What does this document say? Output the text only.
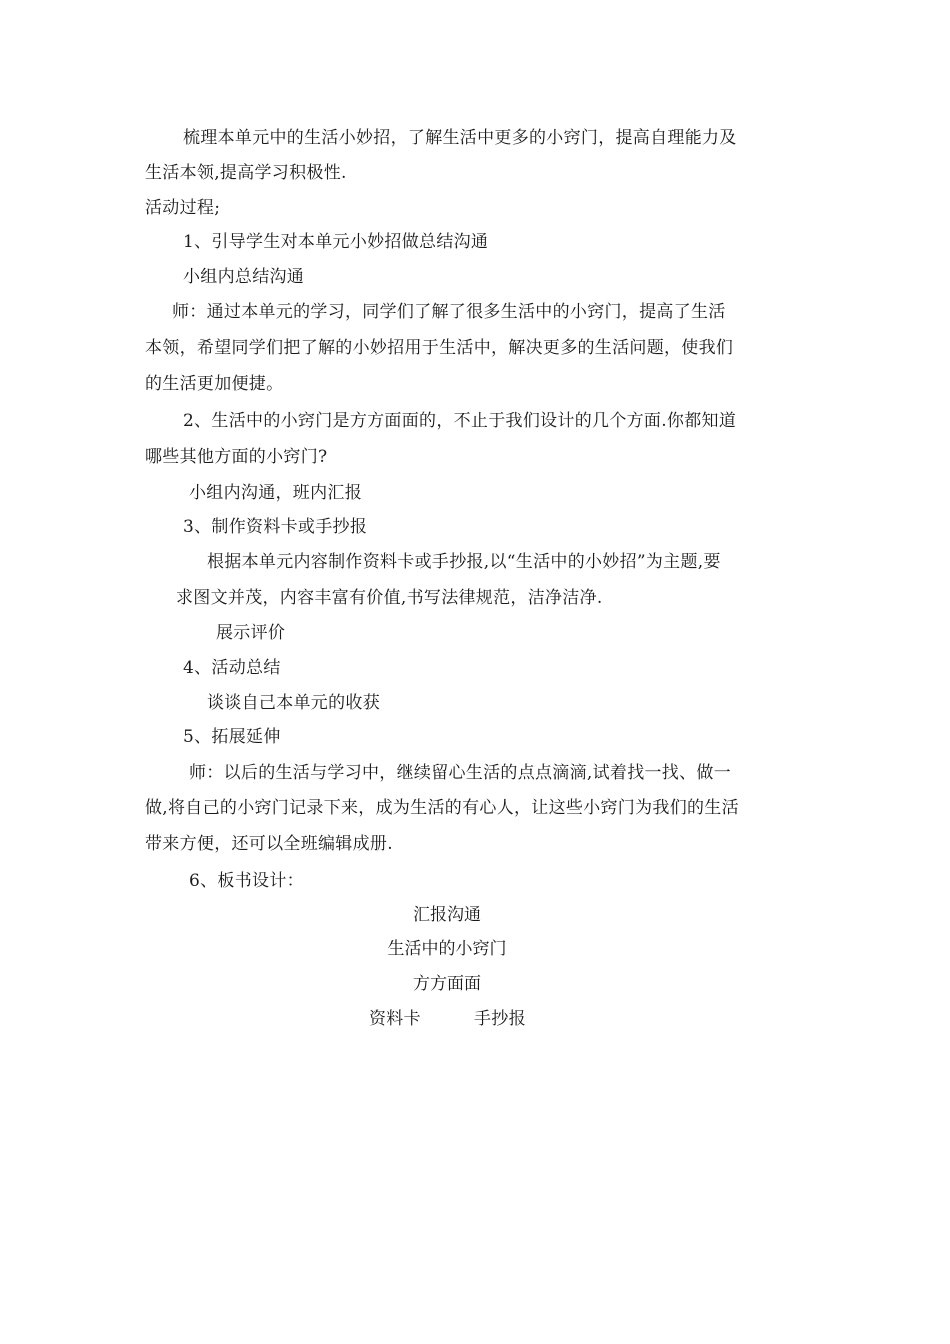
梳理本单元中的生活小妙招，了解生活中更多的小窍门，提高自理能力及
生活本领,提高学习积极性.
活动过程;
1、引导学生对本单元小妙招做总结沟通
小组内总结沟通
师：通过本单元的学习，同学们了解了很多生活中的小窍门，提高了生活
本领，希望同学们把了解的小妙招用于生活中，解决更多的生活问题，使我们
的生活更加便捷。
2、生活中的小窍门是方方面面的，不止于我们设计的几个方面.你都知道
哪些其他方面的小窍门?
小组内沟通，班内汇报
3、制作资料卡或手抄报
根据本单元内容制作资料卡或手抄报,以“生活中的小妙招”为主题,要
求图文并茂，内容丰富有价值,书写法律规范，洁净洁净.
展示评价
4、活动总结
谈谈自己本单元的收获
5、拓展延伸
师：以后的生活与学习中，继续留心生活的点点滴滴,试着找一找、做一
做,将自己的小窍门记录下来，成为生活的有心人，让这些小窍门为我们的生活
带来方便，还可以全班编辑成册.
6、板书设计：
汇报沟通
生活中的小窍门
方方面面
资料卡	手抄报
